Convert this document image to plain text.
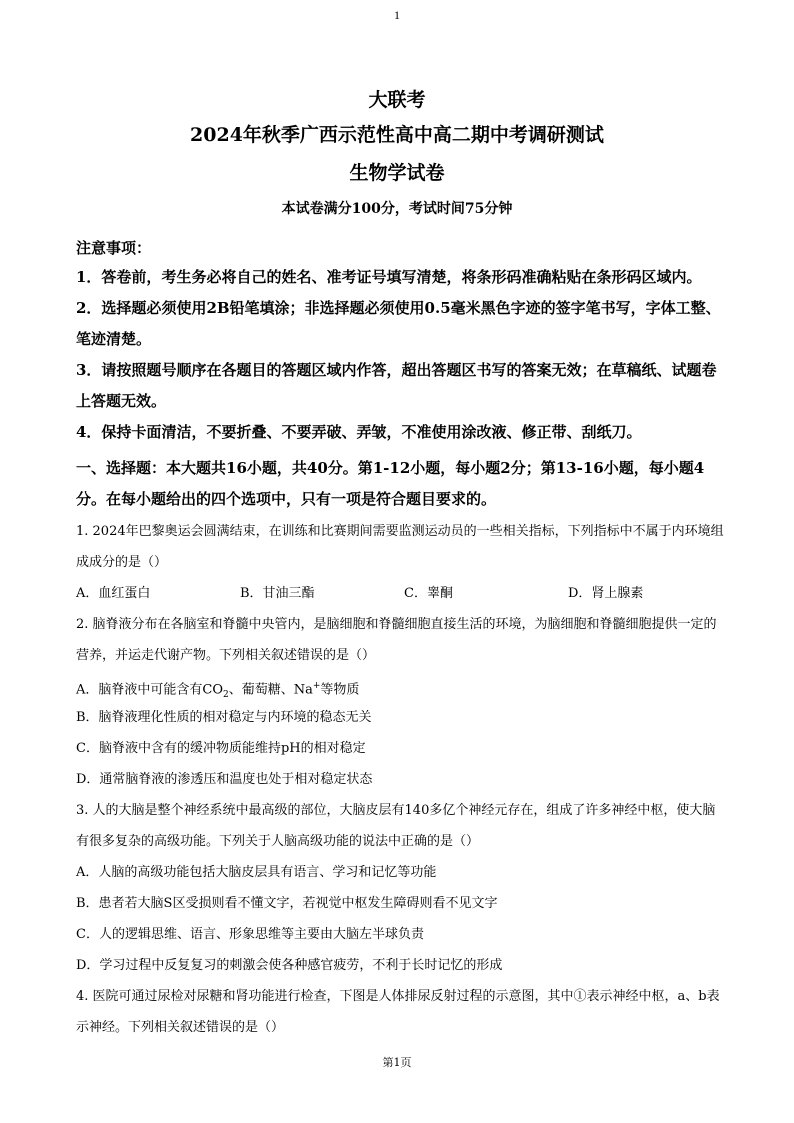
1
大联考
2024年秋季广西示范性高中高二期中考调研测试
生物学试卷
本试卷满分100分，考试时间75分钟
注意事项：
1．答卷前，考生务必将自己的姓名、准考证号填写清楚，将条形码准确粘贴在条形码区域内。
2．选择题必须使用2B铅笔填涂；非选择题必须使用0.5毫米黑色字迹的签字笔书写，字体工整、笔迹清楚。
3．请按照题号顺序在各题目的答题区域内作答，超出答题区书写的答案无效；在草稿纸、试题卷上答题无效。
4．保持卡面清洁，不要折叠、不要弄破、弄皱，不准使用涂改液、修正带、刮纸刀。
一、选择题：本大题共16小题，共40分。第1-12小题，每小题2分；第13-16小题，每小题4分。在每小题给出的四个选项中，只有一项是符合题目要求的。
1. 2024年巴黎奥运会圆满结束，在训练和比赛期间需要监测运动员的一些相关指标，下列指标中不属于内环境组成成分的是（）
A．血红蛋白	B．甘油三酯	C．睾酮	D．肾上腺素
2. 脑脊液分布在各脑室和脊髓中央管内，是脑细胞和脊髓细胞直接生活的环境，为脑细胞和脊髓细胞提供一定的营养，并运走代谢产物。下列相关叙述错误的是（）
A．脑脊液中可能含有$CO_2$、葡萄糖、Na+等物质
B．脑脊液理化性质的相对稳定与内环境的稳态无关
C．脑脊液中含有的缓冲物质能维持pH的相对稳定
D．通常脑脊液的渗透压和温度也处于相对稳定状态
3. 人的大脑是整个神经系统中最高级的部位，大脑皮层有140多亿个神经元存在，组成了许多神经中枢，使大脑有很多复杂的高级功能。下列关于人脑高级功能的说法中正确的是（）
A．人脑的高级功能包括大脑皮层具有语言、学习和记忆等功能
B．患者若大脑S区受损则看不懂文字，若视觉中枢发生障碍则看不见文字
C．人的逻辑思维、语言、形象思维等主要由大脑左半球负责
D．学习过程中反复复习的刺激会使各种感官疲劳，不利于长时记忆的形成
4. 医院可通过尿检对尿糖和肾功能进行检查，下图是人体排尿反射过程的示意图，其中①表示神经中枢，a、b表示神经。下列相关叙述错误的是（）
第1页
